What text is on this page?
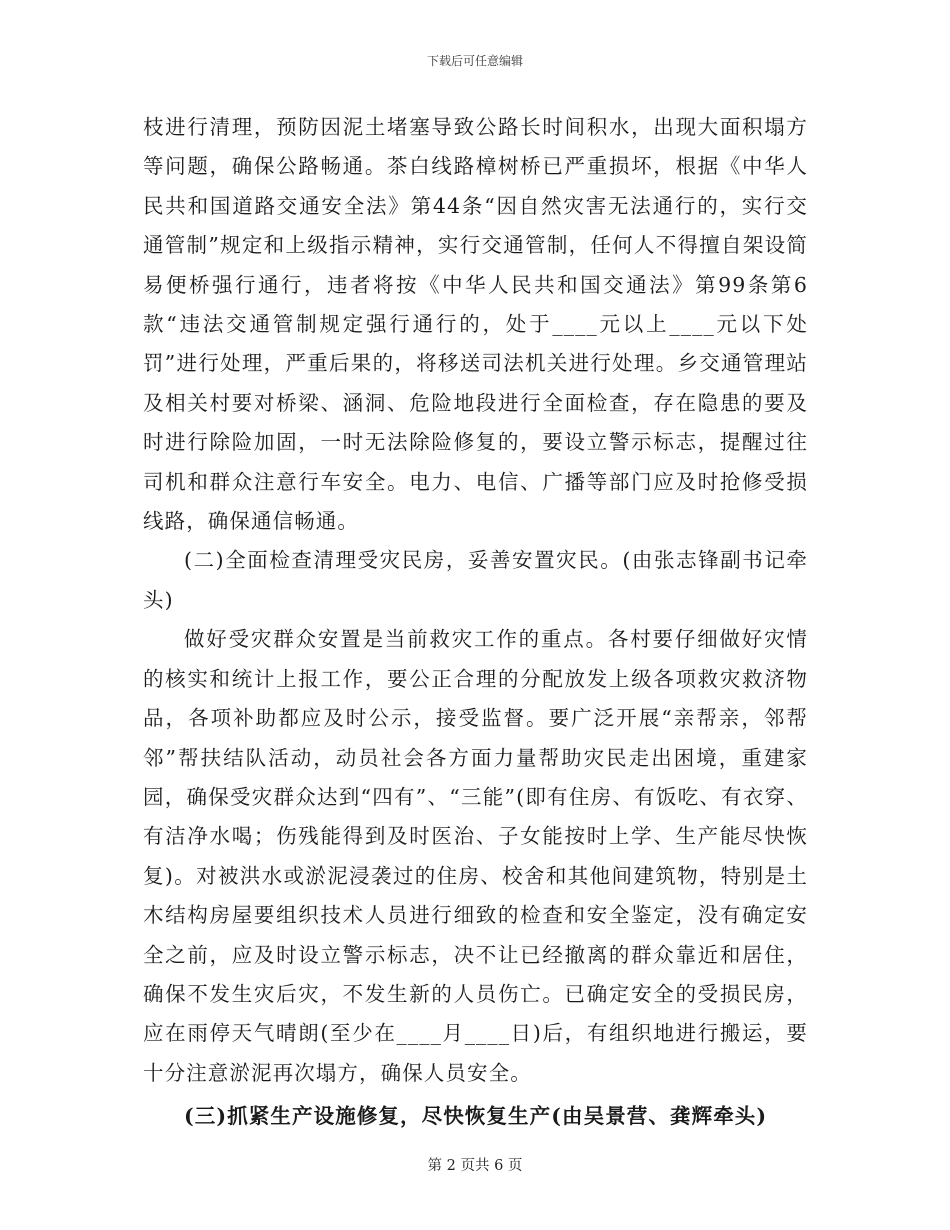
下载后可任意编辑

枝进行清理，预防因泥土堵塞导致公路长时间积水，出现大面积塌方等问题，确保公路畅通。茶白线路樟树桥已严重损坏，根据《中华人民共和国道路交通安全法》第44条“因自然灾害无法通行的，实行交通管制”规定和上级指示精神，实行交通管制，任何人不得擅自架设简易便桥强行通行，违者将按《中华人民共和国交通法》第99条第6款“违法交通管制规定强行通行的，处于____元以上____元以下处罚”进行处理，严重后果的，将移送司法机关进行处理。乡交通管理站及相关村要对桥梁、涵洞、危险地段进行全面检查，存在隐患的要及时进行除险加固，一时无法除险修复的，要设立警示标志，提醒过往司机和群众注意行车安全。电力、电信、广播等部门应及时抢修受损线路，确保通信畅通。

(二)全面检查清理受灾民房，妥善安置灾民。(由张志锋副书记牵头)

做好受灾群众安置是当前救灾工作的重点。各村要仔细做好灾情的核实和统计上报工作，要公正合理的分配放发上级各项救灾救济物品，各项补助都应及时公示，接受监督。要广泛开展“亲帮亲，邻帮邻”帮扶结队活动，动员社会各方面力量帮助灾民走出困境，重建家园，确保受灾群众达到“四有”、“三能”(即有住房、有饭吃、有衣穿、有洁净水喝；伤残能得到及时医治、子女能按时上学、生产能尽快恢复)。对被洪水或淤泥浸袭过的住房、校舍和其他间建筑物，特别是土木结构房屋要组织技术人员进行细致的检查和安全鉴定，没有确定安全之前，应及时设立警示标志，决不让已经撤离的群众靠近和居住，确保不发生灾后灾，不发生新的人员伤亡。已确定安全的受损民房，应在雨停天气晴朗(至少在____月____日)后，有组织地进行搬运，要十分注意淤泥再次塌方，确保人员安全。

(三)抓紧生产设施修复，尽快恢复生产(由吴景营、龚辉牵头)

第 2 页共 6 页
